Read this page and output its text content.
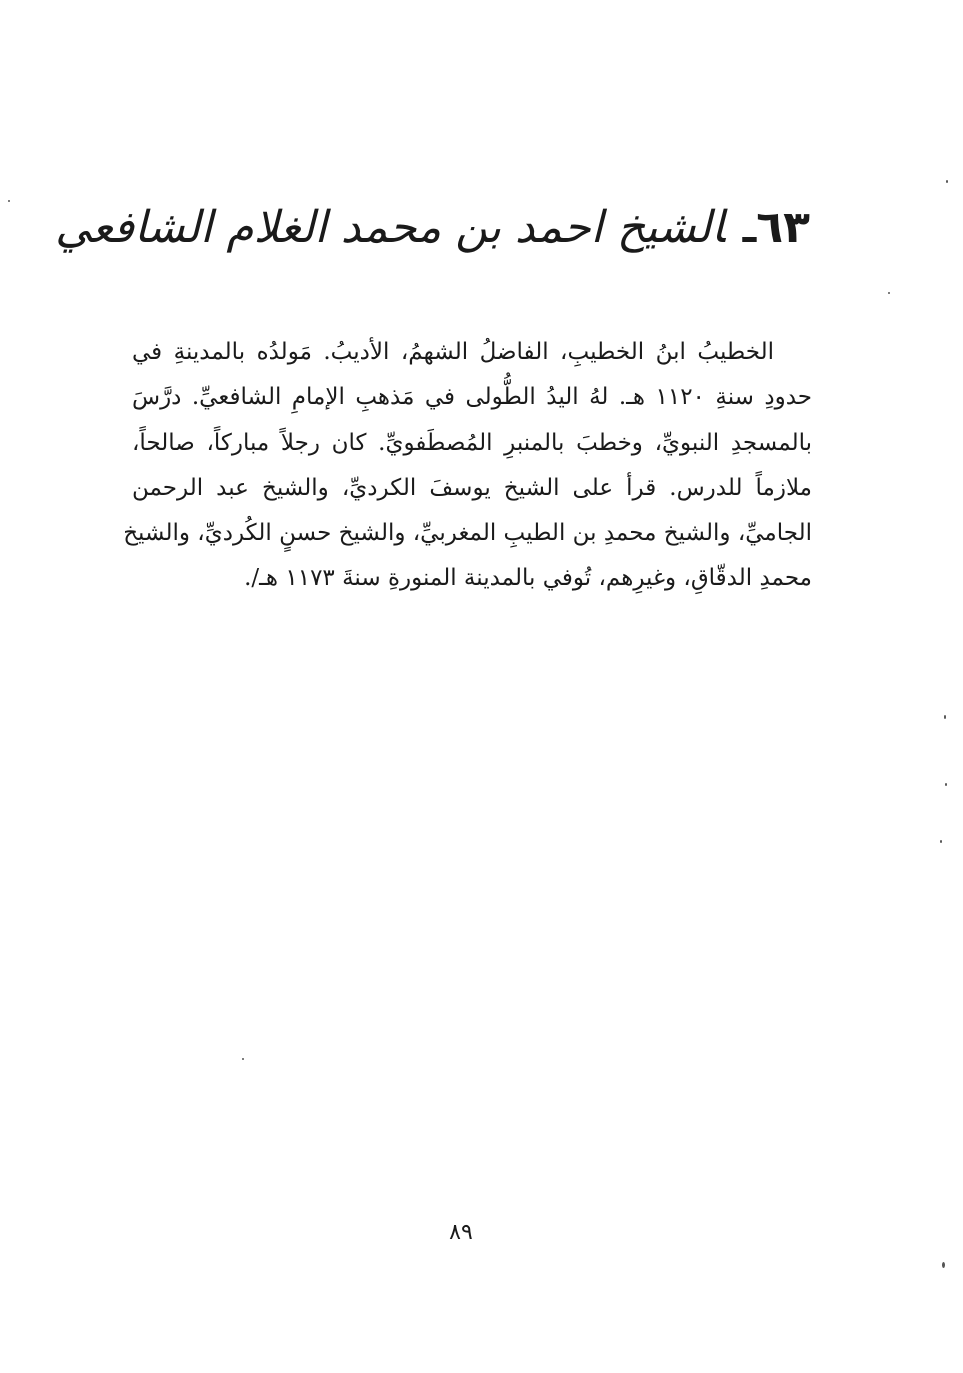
٦٣ـالشيخ احمد بن محمد الغلام الشافعي
الخطيبُ ابنُ الخطيبِ، الفاضلُ الشهمُ، الأديبُ. مَولدُه بالمدينةِ في
حدودِ سنةِ ١١٢٠ هـ. لهُ اليدُ الطُّولى في مَذهبِ الإمامِ الشافعيِّ. درَّسَ
بالمسجدِ النبويِّ، وخطبَ بالمنبرِ المُصطَفويِّ. كان رجلاً مباركاً، صالحاً،
ملازماً للدرس. قرأ على الشيخ يوسفَ الكرديِّ، والشيخ عبد الرحمن
الجاميِّ، والشيخ محمدِ بن الطيبِ المغربيِّ، والشيخ حسنٍ الكُرديِّ، والشيخ
محمدِ الدقّاقِ، وغيرِهم، تُوفي بالمدينة المنورةِ سنةَ ١١٧٣ هـ/.
٨٩
